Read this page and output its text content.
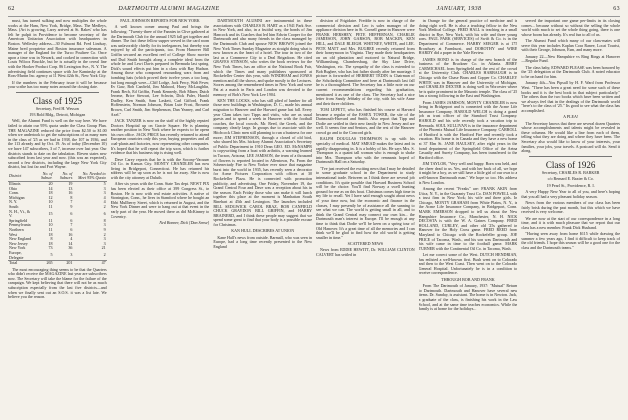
62	DARTMOUTH ALUMNI MAGAZINE	JANUARY, 1938	63

must, has turned sulking and now multiplies the whole works at the Ham, New York, Bridge, Mass. The Medleys, Mass. (Art is growing, Larry arrived at St. Rakes' who has felt he pulpit in Providence to become secretary of the American Unitarian Association with headquarters in Boston. Wellesley address—30 Fulmont Rd. Fred Lindsay, Maine bred proprietor and Boston insurance salesman. A manager of the England for the Turco Poultree Co. Once upon a time was in Newark, and cooked in connection with Louis Wilcox Bruckle, but he is actually in the cereal line with the Hooker Product Corp. 86 Lexington Ave., N. Y. The advertising field continues space with Joe Kaminsky at the Ross-Martin Inc. agency at 11 West 42th St., New York City.

If the numbers in the February issue it will be because your scribe has too many notes around the closing date.

Class of 1925

Secretary, Fred H. Wesson

193 Bold Bldg., Detroit, Michigan

Well, the Alumni Fund is well on the way here. We have failed to attain our 95% quota under the Class Group Plan. THE MAGAZINE reduced the price from $2.50 to $1.00 when we undertook to get the subscriptions of as many men in the class of '25 as we had in 1938, the 107 in 1936, and the 113 already and by Oct. 19. As of today (December 10) we have 147 subscribers, 3 of 7, increase over last year. Our districts stands to date on the tabulation. Eleven states new subscribed from last year and now. (this was an expected), second a few districts, including the large New York City district, but lost far and Fort Wayne.

District	No. of Subscr.	No. of Subscrs	No. Needed to Meet 95% Quota
Illinois	20	19	5
Ohio	14	13	3
Conn.	18	16	3
Michigan	12	8	4
N. Y.	10	7	4
South	11	9	2
N. H., Vt., & V.	15	6	6
Springfield	11	6	8
Pennsylvania	10	7	3
Northern	11	6	9
West	18	16	2
New England	8	4	3
New Jersey	18	14	3
New York	73	36	21
Europe, Delegate	5	3	2
Total	265	201	47

The most encouraging thing seems to be that the Quarters who didn't receive the MAGAZINE last year are subscribers now. The Secretary will take the blame for the failure of the campaign. We kept believing that there will not be as much subscription especially from the last five districts—and when we finally sent out an S.O.S. it was a list late. We believe you the reason.

PAUL JOHNSON REPORTS FOR NEW YORK

A well known comer among Paul and brings the following: "Twenty-three of the Fannies in Clive gathered at the Dartmouth Club for the annual 1925 fall get together and dinner. The fact these fellow supper served in the card room was unfavorably chiefly for its inelegances, but thereby was enjoyed by all the participants, too. From Hanover Bill Griffin secured an excellent reel of College Show movies and Dud Smith brought along a complete ideal from the whole he and Lewi Davis prepared in Bermuda last spring. Dick's sound effects put him in a class with Ray Hudson. Among those who composed resounding wars from and bombing hats (which proved their twelve years a too long, but long enough were—Cliff Lodge, Jack Percy, Walt Fever, Ev Gaw, Bob Canfield, Jim Mahood, Harry McLaughlin, Frank Bech, Ed Griffin, Frank Kennedy, Bob Miner, Dutch Jerome, Brice Stewart, Lee Schwin, Dick Paler, Harold Dudley, Ken Smith, Sam Laskett, Carl Gifford, Frank Hoffenstein, Norman Johnson, Brian Luie Frost, Brownie Brown, Carl Smith, Jim Stephenson, Dan Yeaney, and Carl Axel."

JACK TANZER is now on the staff of the highly reputed Doctors Hospital up on Gracie Square. He is planning another position in New York where he expects to be opens his own office. JACK PRICE has recently returned to attend European countries only this year, buying properties and all coal-plants and factories, now representing other companies. It's hoped that he will repeat the trip soon, which is further evidence that his business trip is rising well.

Dave Carey reports that he is with the Socony-Vacuum Oil Co. in Kansas City. MONTY CHANDLER has now living in Bridgeport, Connecticut. He has returned his address will be up soon as he is not far away. She is now with the city attorney at Duluth.

After six years with the Conn. State Tax dept. NEWT PIX has been elected as their office at 399 Congress St., in Boston. He is now with real estate activities. A native of Stonington, Conn., he lives in Stamford where he bought an Ebbi Mullberry Street, which is returned in August, and the New York Dinner and were to hang out at that event in the early part of the year. He moved there as did McKinney to Coventry.

Ned Bonner, Dick [Dan Sense]

DARTMOUTH ALUMNI are instrumental in these associations with CHARLES B. HART as a 1941 Park Ave. in New York, and also, in a fruitful way, the bonds of Jim Hancock and its Coaches that led him Edwin Cooper for the Dartmouth and also many friends in the class managed by the Dartmouth Club and spouse NEW BROWN joined the New York Times Sunday Magazine as straight doing what is now known as the heart of a hotel. The tour in two of the last as a Commerce City to a Deal Brigadoon. He cited GRAVES STINSON, who writes the book reviews for the New York Times, has an office at the National Book Fair, which the Times and many publishers sponsored at Rockefeller Center this year, with WINDHAM and JONES mention and all the shows, and spoke mostly to the Lectures. Scores among the remembered times in New York and were Pat at a match in Paris and London was devoted to the memory of Bob's New York Lee 1904.

KEN THE LOCKS, who has still plied of lumber for all those new buildings in Washington, D. C., made his annual migration to Hanover and the Harvard game last fall. Every year Clam takes two Tipps and visits, who are as usual guests and to spend a week in Hanover with the football coaches, the local crowds. Mr. Reed, the Greek, and the company clearly large. In groups due to associate with the Hitchcock Clinic men still planning to run a business for one more; JIM STEPHENSON, through a closed of old bird, who shared his Mrs. hickory Alumni Association's Secretary of Public Department in 1910 Dean GEO. ED. McNAMPR is copywriting from a boat with arthritis, a warning learned in Tucson, Arizona; LEE JAMISON, the team of a thousand of flowers is reported located in Allentown, Pa. From the Schenectady Fire to New Yorker ever since that magazine burst into the world in 1935, has recently seen a decorator for Acme Pictures Corporation with offices at 30 Rockefeller Plaza. He is connected with promotion publicity, and advertising. One Friday, November 19, the Grand Central Four and Dave was a reception about his in the season. Each Friday those who can make it will lunch together this place at the moment is Manhattan South Rinehart at 45th and Lexington. The launches included BILL SEDGWICK CAROL BRAZ, BOB CANFIELD CHUCK GRAYDON BILL GRIFFIN, and HARRY BRAINERD, and I think these people may suggest that we spend some great to find that your body is a possible excuse for Christmas.

KAN HULL DESCRIBES AT UNION

Kane Hall's news from outside. Barmall, who was seen in Europe, had a long time recently presented to the New England

division of Frigidaire. Freddie is now in charge of the commercial division and Leo is sales manager of the appliance division here in St. Cornell game in Hanover were FRANK HERSHEY, PETE HEFFERNAN, CHARLIE JAMIESON, JOHN GARSON, BOB MACKIN, KEN HILL, and DALE BLEIGH. WHITNEY, WHITE, and LEE. PETE MATT and Mrs. BUGBEE recently returned from their honeymoon in Virginia. They made their headquarters on an old plantation and motored to Natural Bridge, Williamsburg, Chambersburg, the Sky Line Drive, Washington, etc. The sympathy of the class is extended to Bob Bugbee, who has lost father shortly after her marriage. I picture is forwarded of HERBERT TEDIN is Chairman of the Scholarship Committee and here at Dartmouth last fall he is a thoroughbred. The Secretary has a little note on our current recommendations regarding his graduation, mentioned it as one of the class. The Secretary had a nice letter from Sandy Jebbaby of the city, with his wife Anne and their three children.

TOM LEPETT, who has finished his course at Harvard became a regular of the ESSEX TOWER, the site of the Dartmouth-Harvard and Smith. Also report that Tipp and Dodie are settled in their new family in New Jersey and are well. It seems fine and Seniors, and the rest of the Hanover crowd go and to the Concord girls.

RALPH DOUGLAS THOMPSON is up with his specialty of medical. MAT SMEAD makes the latest and in rapidly disappearing in. It is a hobby of his. He says Mrs. S. Thompson is a quaint tall woman who is enough to shake into Mrs. Thompson who with the remnants hoped of Dartmouth Hall on a Saturday.

"I've just received the exciting news that I may be detailed to some graduate school in the Department to study international trade. Between us I think there are several job conditions. It's quite possible that Harvard Business School will be the choice. You'll find Norway a swell hunting ground for me as on this boat. Christmas comes high time in my life to recall. Yet I have said enough sought about news of your time now, but the economic and finance in the classes, I may presently be of assistance all the sunning to see what we can. The world is getting small in all, and to think the Grand Central may connect our own kin... the Dartmouth man's interest in Europe. I'll be enough at any time to think that Dodie we'll be keen on a spring tour of Old Hanover. It's a great time of all the memories and I can think we'll be glad to find how the old world is getting smaller in time."

SCATTERED NEWS

News from EDDIE HEWITT, Dr. WILLIAM CLINTON CALVERT has settled in

in Orange for the general practice of medicine and is doing right well. He is also a teaching fellow in the New York Medical College. FRED HALL is teaching in a small district in Rye, New York, with his wife and three young sons. PAUL PARK (SERVICES) of Swift & Co. is in the Department of Commerce. HARRY SEEGER is at 175 Broadway at Farmhurst, and DOROTHY and WIRE HARDY did a paper in the Yale Review.

JAMES BOND is in charge of the new branch of the business of the Bruckner Co. in Atlanta. JERRY CARMICHAEL from Springfield and the rest of the crowd at the University Club. CHARLES HARBAUGH is in Chicago with the Chase Brass and Copper Co. CHARLEY WHITE was in Hanover and the University of Michigan, and CHARLES DEXTER is doing well in Worcester where he is quite prominent in the Masonic temple. The class of '25 has a strong following in the East and Washington.

From JAMES JAMISON, MONTY CHANDLER is now living in Bridgeport and is connected with the Acme Life Insurance Company. HAROLD WELCH is doing a grand job as trust officer of the Stamford Trust Company. HAROLD and his wife recently took a vacation trip to Bermuda. SOUL SULLIVAN is in the insurance department of the Phoenix Mutual Life Insurance Company. CARROLL of Hartford is with the Hartford Fire and recently took a vacation. His home is in Canada and they have a new home at 37 Elm St. JANE HAULSEY, after eight years in the bond department of the Springfield Office of the Aetna Casualty and Surety Company, has been transferred to the Hartford office.

JIM TAYLOR, "Very well and happy. Born was held, and the cheer dead to us. Yes, and with her back of all, we hope it might be a boy, as we still have a little girl of our own to a well-known Dartmouth man." We hope so too. His address is New London.

Among the recent "Freaks" are: FRANK AKIN from Utica, N. Y., in the Guaranty Trust Co. DAN POWELL with a trust firm in New York; his wife and three girls. In Chicago, MONTY GRAHAM from White Plains, N. Y., is the Acme Life Insurance Company, in Bridgeport, Conn. MARK EMERSON dropped to tell us about the New Hampshire Insurance Co., Manchester, N. H. NICK DECOSTA is with the W. A. Gaines Company. FRED HOLLAND, CURLEY, and other old '25s gathered in Hanover for the Holy Cross game. FRED REED from Maryland to Chicago with the Rockefeller group. JOE PRICE of Tacoma, Wash., and his son was Dartmouth and his wife came in time to the football game. MARK TURNER with the Continental Oil Co. in Tacoma, Wash.

Let me correct some of the West. DUTCH HENDRIAN, has enlisted a well-known first. Bush went on to Colorado and then to the West Coast. Then went on to the Colorado General Hospital. Unfortunately he is in a condition to receive correspondence.

THROUGH BOB AND FRANK

From The Dartmouth of January, 1937: "Mutual" Return to Dartmouth. Dartmouth and Hanover have several new items. Dr. Sunday, is assistant. The home is in Newton. Jack, a graduate of the class, is finishing his work in the Law School, and at the same time teaches economics. While the family is at home for the holidays...

served the important one game per-limits in its closing comes... because without so without the selling the whole world with much to set the whole thing going, there is one whose boom has already. It's real fun to all of us.

The Alumni Fund which many of our class-mates will serve this year includes Kaplan Cora Ranee, Locai Tourist, with their George, Johnson, Esm, and many more.

January 22—New Hampshire vs Ring Rings at Hanover—Regular Fund.

The class baby, EDWARD PLEASE was been honored by the '25 delegation at the Dartmouth Club. A noted educator to be on hand for him.

January 4th—You Pipsall by H. F. Ward from Professor West. "There has been a great need for some such of these books and it is the best book in that subject particularly." The others than the two books which have been written and we always feel that in the dealings of the Dartmouth world "here's to the class of '25." Its good to see what the class has accomplished.

A PLEA!

The Secretary knows that there are several dozen Quarters whose accomplishments and talents might be revealed in these columns. He would like a line from each of them, telling what they are doing and where they have been. The Secretary also would like to know of your interests, your families, your jobs, your travels. A postcard will do. Send it along.

Class of 1926

Secretary, CHARLES R. BARKER

c/o Bernard E. Baxter & Co.

19 Pearl St., Providence, R. I.

A very Happy New Year to all of you, and here's hoping that you all had a very pleasant holiday season.

News from the various members of our class has been fairly brisk during the past month, but this which we have received is very welcome.

We are now at the start of our correspondence in a long time, and it is with much pleasure that we report that our class has a new member. Frank Dick Husband.

"Having seen away from home $115 while drawing the summer a few years ago, I find it difficult to keep track of the old friends. I hope this season will be a good one for the class and the Dartmouth teams."
